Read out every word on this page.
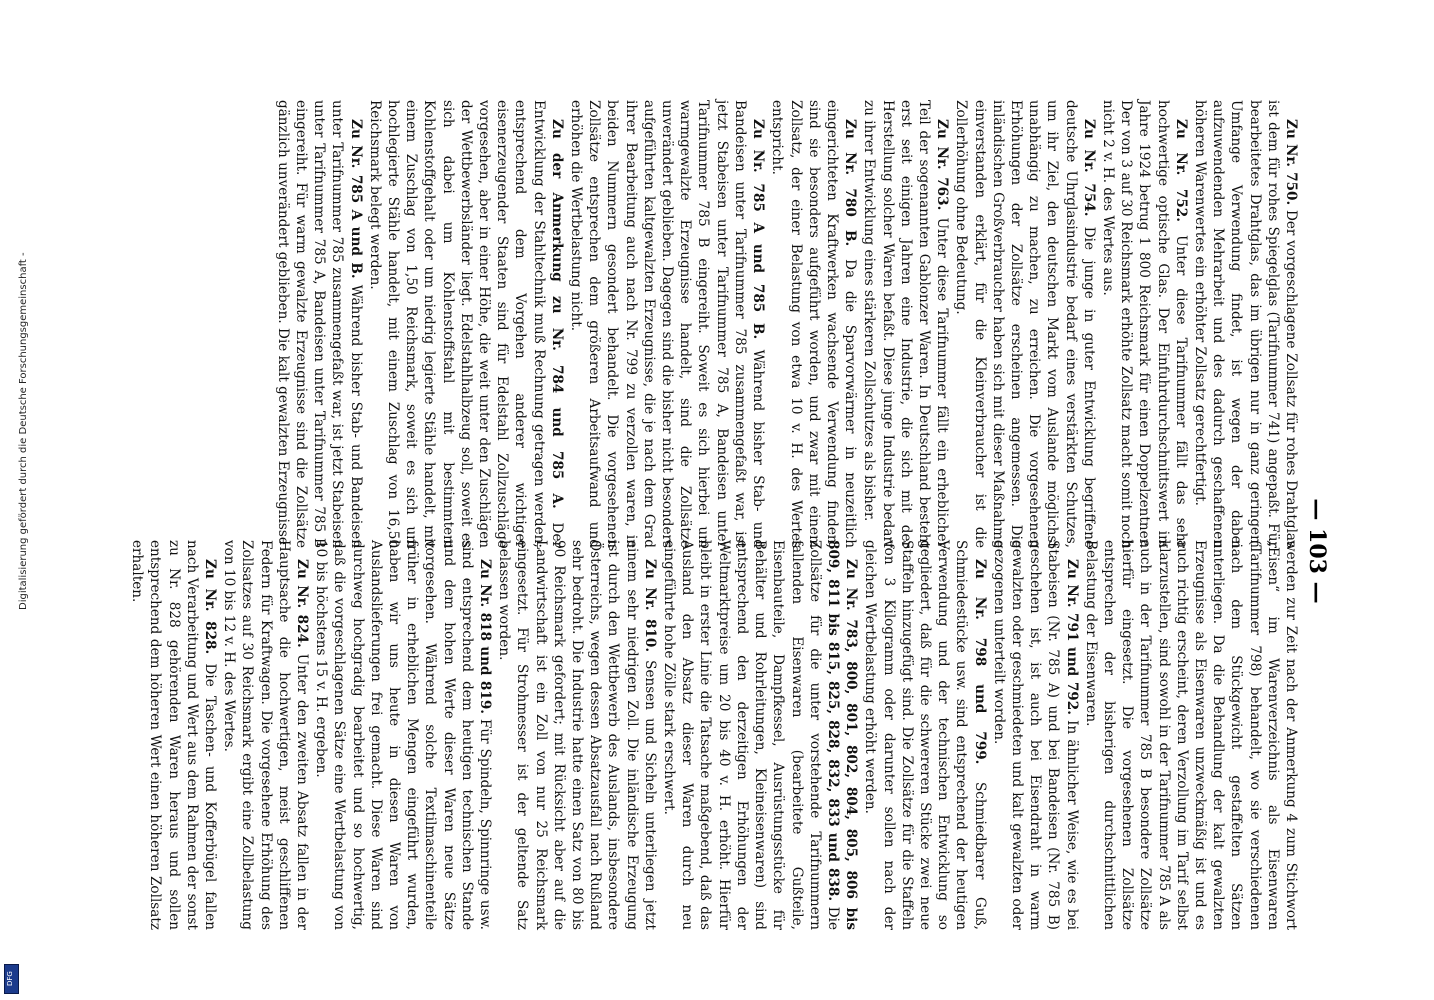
— 103 —

Zu Nr. 750. Der vorgeschlagene Zollsatz für rohes Drahtglas ist dem für rohes Spiegelglas (Tarifnummer 741) angepaßt. Für bearbeitetes Drahtglas, das im übrigen nur in ganz geringem Umfange Verwendung findet, ist wegen der dabei aufzuwendenden Mehrarbeit und des dadurch geschaffenen höheren Warenwertes ein erhöhter Zollsatz gerechtfertigt.

Zu Nr. 752. Unter diese Tarifnummer fällt das sehr hochwertige optische Glas. Der Einfuhrdurchschnittswert im Jahre 1924 betrug 1 800 Reichsmark für einen Doppelzentner. Der von 3 auf 30 Reichsmark erhöhte Zollsatz macht somit noch nicht 2 v. H. des Wertes aus.

Zu Nr. 754. Die junge in guter Entwicklung begriffene deutsche Uhrglasindustrie bedarf eines verstärkten Schutzes, um ihr Ziel, den deutschen Markt vom Auslande möglichst unabhängig zu machen, zu erreichen. Die vorgesehenen Erhöhungen der Zollsätze erscheinen angemessen. Die inländischen Großverbraucher haben sich mit dieser Maßnahme einverstanden erklärt, für die Kleinverbraucher ist die Zollerhöhung ohne Bedeutung.

Zu Nr. 763. Unter diese Tarifnummer fällt ein erheblicher Teil der sogenannten Gablonzer Waren. In Deutschland besteht erst seit einigen Jahren eine Industrie, die sich mit der Herstellung solcher Waren befaßt. Diese junge Industrie bedarf zu ihrer Entwicklung eines stärkeren Zollschutzes als bisher.

Zu Nr. 780 B. Da die Sparvorwärmer in neuzeitlich eingerichteten Kraftwerken wachsende Verwendung finden, sind sie besonders aufgeführt worden, und zwar mit einem Zollsatz, der einer Belastung von etwa 10 v. H. des Wertes entspricht.

Zu Nr. 785 A und 785 B. Während bisher Stab- und Bandeisen unter Tarifnummer 785 zusammengefaßt war, ist jetzt Stabeisen unter Tarifnummer 785 A, Bandeisen unter Tarifnummer 785 B eingereiht. Soweit es sich hierbei um warmgewalzte Erzeugnisse handelt, sind die Zollsätze unverändert geblieben. Dagegen sind die bisher nicht besonders aufgeführten kaltgewalzten Erzeugnisse, die je nach dem Grad ihrer Bearbeitung auch nach Nr. 799 zu verzollen waren, in beiden Nummern gesondert behandelt. Die vorgesehenen Zollsätze entsprechen dem größeren Arbeitsaufwand und erhöhen die Wertbelastung nicht.

Zu der Anmerkung zu Nr. 784 und 785 A. Der Entwicklung der Stahltechnik muß Rechnung getragen werden; entsprechend dem Vorgehen anderer wichtiger eisenerzeugender Staaten sind für Edelstahl Zollzuschläge vorgesehen, aber in einer Höhe, die weit unter den Zuschlägen der Wettbewerbsländer liegt. Edelstahlhalbzeug soll, soweit es sich dabei um Kohlenstoffstahl mit bestimmtem Kohlenstoffgehalt oder um niedrig legierte Stähle handelt, mit einem Zuschlag von 1,50 Reichsmark, soweit es sich um hochlegierte Stähle handelt, mit einem Zuschlag von 16,50 Reichsmark belegt werden.

Zu Nr. 785 A und B. Während bisher Stab- und Bandeisen unter Tarifnummer 785 zusammengefaßt war, ist jetzt Stabeisen unter Tarifnummer 785 A, Bandeisen unter Tarifnummer 785 B eingereiht. Für warm gewalzte Erzeugnisse sind die Zollsätze gänzlich unverändert geblieben. Die kalt gewalzten Erzeugnisse

werden zur Zeit nach der Anmerkung 4 zum Stichwort „Eisen“ im Warenverzeichnis als Eisenwaren (Tarifnummer 798) behandelt, wo sie verschiedenen nach dem Stückgewicht gestaffelten Sätzen unterliegen. Da die Behandlung der kalt gewalzten Erzeugnisse als Eisenwaren unzweckmäßig ist und es auch richtig erscheint, deren Verzollung im Tarif selbst klarzustellen, sind sowohl in der Tarifnummer 785 A als auch in der Tarifnummer 785 B besondere Zollsätze hierfür eingesetzt. Die vorgesehenen Zollsätze entsprechen der bisherigen durchschnittlichen Belastung der Eisenwaren.

Zu Nr. 791 und 792. In ähnlicher Weise, wie es bei Stabeisen (Nr. 785 A) und bei Bandeisen (Nr. 785 B) geschehen ist, ist auch bei Eisendraht in warm gewalzten oder geschmiedeten und kalt gewalzten oder gezogenen unterteilt worden.

Zu Nr. 798 und 799. Schmiedbarer Guß, Schmiedestücke usw. sind entsprechend der heutigen Verwendung und der technischen Entwicklung so gegliedert, daß für die schwereren Stücke zwei neue Staffeln hinzugefügt sind. Die Zollsätze für die Staffeln von 3 Kilogramm oder darunter sollen nach der gleichen Wertbelastung erhöht werden.

Zu Nr. 783, 800, 801, 802, 804, 805, 806 bis 809, 811 bis 815, 825, 828, 832, 833 und 838. Die Zollsätze für die unter vorstehende Tarifnummern fallenden Eisenwaren (bearbeitete Gußteile, Eisenbauteile, Dampfkessel, Ausrüstungsstücke für Behälter und Rohrleitungen, Kleineisenwaren) sind entsprechend den derzeitigen Erhöhungen der Weltmarktpreise um 20 bis 40 v. H. erhöht. Hierfür bleibt in erster Linie die Tatsache maßgebend, daß das Ausland den Absatz dieser Waren durch neu eingeführte hohe Zölle stark erschwert.

Zu Nr. 810. Sensen und Sicheln unterliegen jetzt einem sehr niedrigen Zoll. Die inländische Erzeugung ist durch den Wettbewerb des Auslands, insbesondere Österreichs, wegen dessen Absatzausfall nach Rußland sehr bedroht. Die Industrie hatte einen Satz von 80 bis 90 Reichsmark gefordert; mit Rücksicht aber auf die Landwirtschaft ist ein Zoll von nur 25 Reichsmark eingesetzt. Für Strohmesser ist der geltende Satz belassen worden.

Zu Nr. 818 und 819. Für Spindeln, Spinnringe usw. sind entsprechend dem heutigen technischen Stande und dem hohen Werte dieser Waren neue Sätze vorgesehen. Während solche Textilmaschinenteile früher in erheblichen Mengen eingeführt wurden, haben wir uns heute in diesen Waren von Auslandslieferungen frei gemacht. Diese Waren sind durchweg hochgradig bearbeitet und so hochwertig, daß die vorgeschlagenen Sätze eine Wertbelastung von 10 bis höchstens 15 v. H. ergeben.

Zu Nr. 824. Unter den zweiten Absatz fallen in der Hauptsache die hochwertigen, meist geschliffenen Federn für Kraftwagen. Die vorgesehene Erhöhung des Zollsatzes auf 30 Reichsmark ergibt eine Zollbelastung von 10 bis 12 v. H. des Wertes.

Zu Nr. 828. Die Taschen- und Kofferbügel fallen nach Verarbeitung und Wert aus dem Rahmen der sonst zu Nr. 828 gehörenden Waren heraus und sollen entsprechend dem höheren Wert einen höheren Zollsatz erhalten.

Digitalisierung gefördert durch die Deutsche Forschungsgemeinschaft -
DFG
